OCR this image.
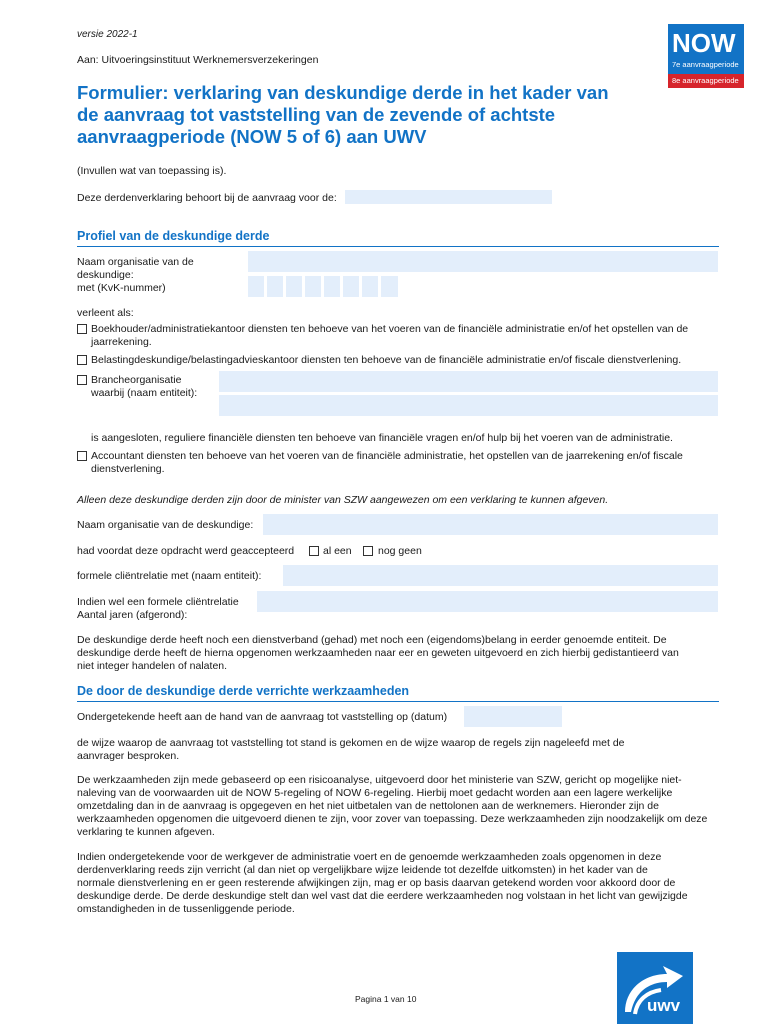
versie 2022-1
Aan: Uitvoeringsinstituut Werknemersverzekeringen
NOW
7e aanvraagperiode
8e aanvraagperiode
Formulier: verklaring van deskundige derde in het kader van
de aanvraag tot vaststelling van de zevende of achtste
aanvraagperiode (NOW 5 of 6) aan UWV
(Invullen wat van toepassing is).
Deze derdenverklaring behoort bij de aanvraag voor de:
Profiel van de deskundige derde
Naam organisatie van de
deskundige:
met (KvK-nummer)
verleent als:
Boekhouder/administratiekantoor diensten ten behoeve van het voeren van de financiële administratie en/of het opstellen van de
jaarrekening.
Belastingdeskundige/belastingadvieskantoor diensten ten behoeve van de financiële administratie en/of fiscale dienstverlening.
Brancheorganisatie
waarbij (naam entiteit):
is aangesloten, reguliere financiële diensten ten behoeve van financiële vragen en/of hulp bij het voeren van de administratie.
Accountant diensten ten behoeve van het voeren van de financiële administratie, het opstellen van de jaarrekening en/of fiscale
dienstverlening.
Alleen deze deskundige derden zijn door de minister van SZW aangewezen om een verklaring te kunnen afgeven.
Naam organisatie van de deskundige:
had voordat deze opdracht werd geaccepteerd	al een	nog geen
formele cliëntrelatie met (naam entiteit):
Indien wel een formele cliëntrelatie
Aantal jaren (afgerond):
De deskundige derde heeft noch een dienstverband (gehad) met noch een (eigendoms)belang in eerder genoemde entiteit. De
deskundige derde heeft de hierna opgenomen werkzaamheden naar eer en geweten uitgevoerd en zich hierbij gedistantieerd van
niet integer handelen of nalaten.
De door de deskundige derde verrichte werkzaamheden
Ondergetekende heeft aan de hand van de aanvraag tot vaststelling op (datum)
de wijze waarop de aanvraag tot vaststelling tot stand is gekomen en de wijze waarop de regels zijn nageleefd met de
aanvrager besproken.
De werkzaamheden zijn mede gebaseerd op een risicoanalyse, uitgevoerd door het ministerie van SZW, gericht op mogelijke niet-
naleving van de voorwaarden uit de NOW 5-regeling of NOW 6-regeling. Hierbij moet gedacht worden aan een lagere werkelijke
omzetdaling dan in de aanvraag is opgegeven en het niet uitbetalen van de nettolonen aan de werknemers. Hieronder zijn de
werkzaamheden opgenomen die uitgevoerd dienen te zijn, voor zover van toepassing. Deze werkzaamheden zijn noodzakelijk om deze
verklaring te kunnen afgeven.
Indien ondergetekende voor de werkgever de administratie voert en de genoemde werkzaamheden zoals opgenomen in deze
derdenverklaring reeds zijn verricht (al dan niet op vergelijkbare wijze leidende tot dezelfde uitkomsten) in het kader van de
normale dienstverlening en er geen resterende afwijkingen zijn, mag er op basis daarvan getekend worden voor akkoord door de
deskundige derde. De derde deskundige stelt dan wel vast dat die eerdere werkzaamheden nog volstaan in het licht van gewijzigde
omstandigheden in de tussenliggende periode.
Pagina 1 van 10	uwv
